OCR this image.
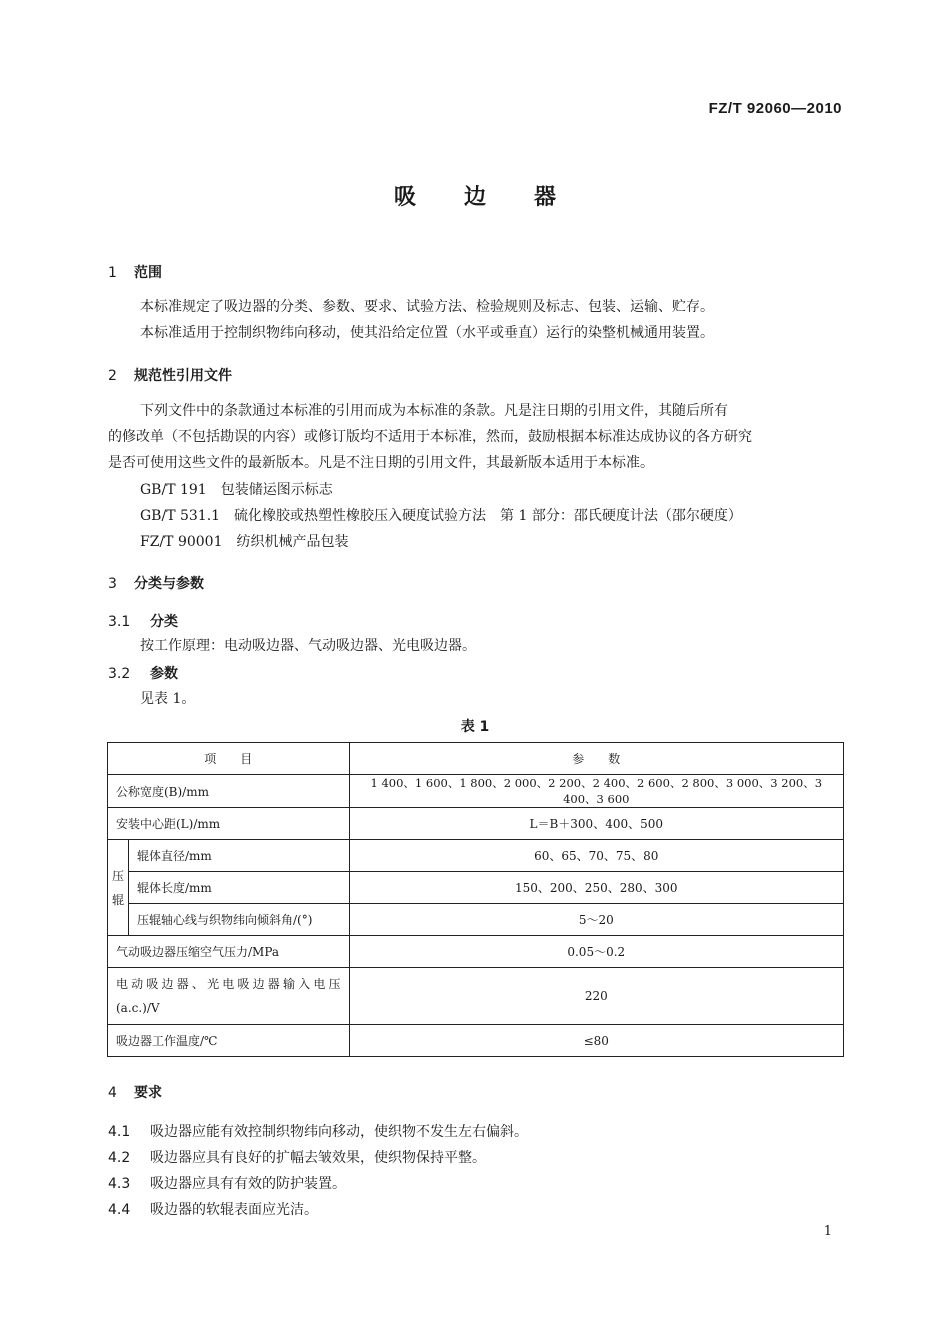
FZ/T 92060—2010
吸边器
1 范围
本标准规定了吸边器的分类、参数、要求、试验方法、检验规则及标志、包装、运输、贮存。
本标准适用于控制织物纬向移动，使其沿给定位置（水平或垂直）运行的染整机械通用装置。
2 规范性引用文件
下列文件中的条款通过本标准的引用而成为本标准的条款。凡是注日期的引用文件，其随后所有
的修改单（不包括勘误的内容）或修订版均不适用于本标准，然而，鼓励根据本标准达成协议的各方研究
是否可使用这些文件的最新版本。凡是不注日期的引用文件，其最新版本适用于本标准。
GB/T 191　包装储运图示标志
GB/T 531.1　硫化橡胶或热塑性橡胶压入硬度试验方法　第 1 部分：邵氏硬度计法（邵尔硬度）
FZ/T 90001　纺织机械产品包装
3 分类与参数
3.1 分类
按工作原理：电动吸边器、气动吸边器、光电吸边器。
3.2 参数
见表 1。
表 1
项　　目		参　　数
公称宽度(B)/mm		1 400、1 600、1 800、2 000、2 200、2 400、2 600、2 800、3 000、3 200、3 400、3 600
安装中心距(L)/mm		L＝B＋300、400、500
压辊	辊体直径/mm	60、65、70、75、80
	辊体长度/mm	150、200、250、280、300
	压辊轴心线与织物纬向倾斜角/(°)	5～20
气动吸边器压缩空气压力/MPa		0.05～0.2

电动吸边器、光电吸边器输入电压
(a.c.)/V		220
吸边器工作温度/℃		≤80
4 要求
4.1 吸边器应能有效控制织物纬向移动，使织物不发生左右偏斜。
4.2 吸边器应具有良好的扩幅去皱效果，使织物保持平整。
4.3 吸边器应具有有效的防护装置。
4.4 吸边器的软辊表面应光洁。
1
